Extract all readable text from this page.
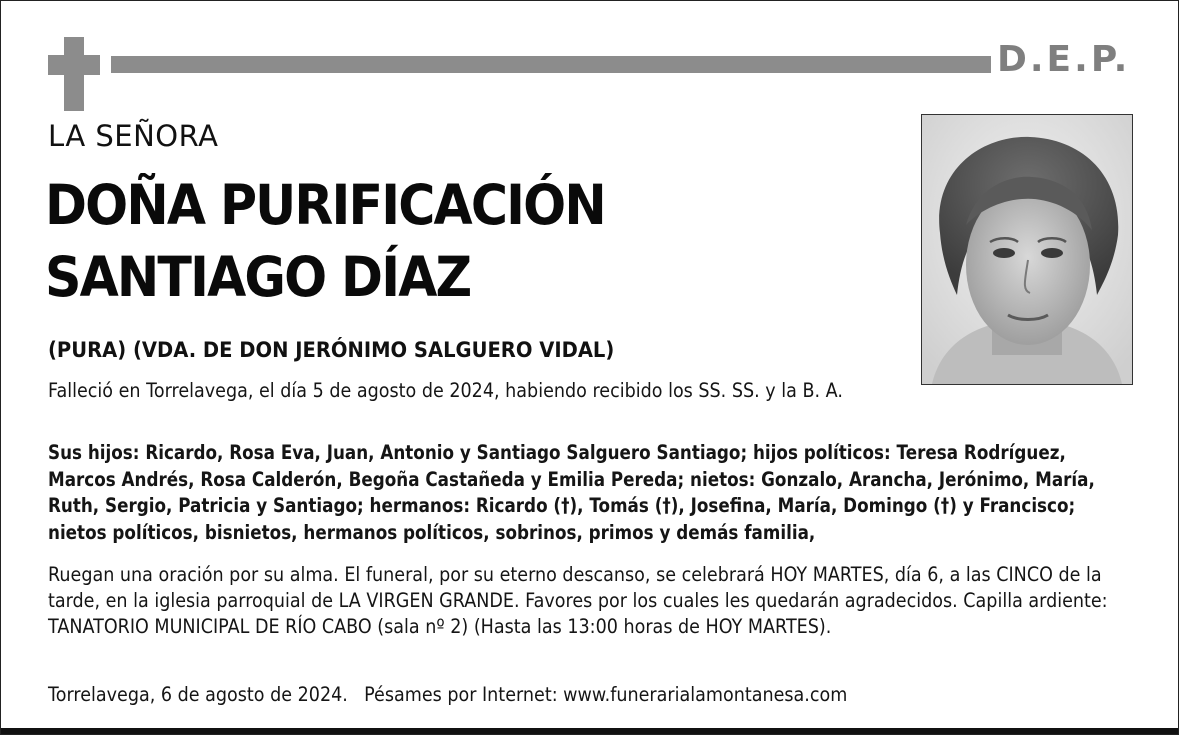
D.E.P.
LA SEÑORA
DOÑA PURIFICACIÓN
SANTIAGO DÍAZ
(PURA) (VDA. DE DON JERÓNIMO SALGUERO VIDAL)

Falleció en Torrelavega, el día 5 de agosto de 2024, habiendo recibido los SS. SS. y la B. A.

Sus hijos: Ricardo, Rosa Eva, Juan, Antonio y Santiago Salguero Santiago; hijos políticos: Teresa Rodríguez, Marcos Andrés, Rosa Calderón, Begoña Castañeda y Emilia Pereda; nietos: Gonzalo, Arancha, Jerónimo, María, Ruth, Sergio, Patricia y Santiago; hermanos: Ricardo (†), Tomás (†), Josefina, María, Domingo (†) y Francisco; nietos políticos, bisnietos, hermanos políticos, sobrinos, primos y demás familia,

Ruegan una oración por su alma. El funeral, por su eterno descanso, se celebrará HOY MARTES, día 6, a las CINCO de la tarde, en la iglesia parroquial de LA VIRGEN GRANDE. Favores por los cuales les quedarán agradecidos. Capilla ardiente: TANATORIO MUNICIPAL DE RÍO CABO (sala nº 2) (Hasta las 13:00 horas de HOY MARTES).

Torrelavega, 6 de agosto de 2024. Pésames por Internet: www.funerarialamontanesa.com
